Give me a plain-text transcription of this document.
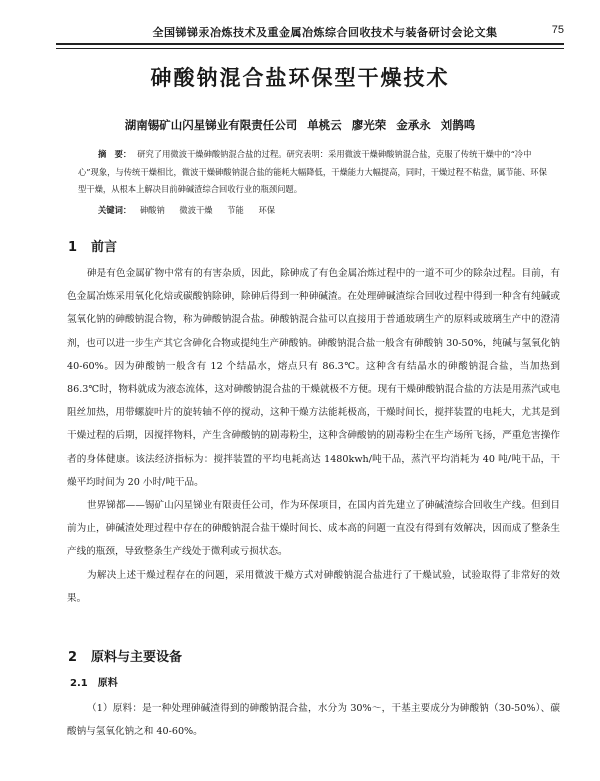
全国锑锑汞冶炼技术及重金属冶炼综合回收技术与装备研讨会论文集	75
砷酸钠混合盐环保型干燥技术
湖南锡矿山闪星锑业有限责任公司 单桃云 廖光荣 金承永 刘鹊鸣

摘　要： 研究了用微波干燥砷酸钠混合盐的过程。研究表明：采用微波干燥砷酸钠混合盐，克服了传统干燥中的“冷中心”现象，与传统干燥相比，微波干燥砷酸钠混合盐的能耗大幅降低，干燥能力大幅提高，同时，干燥过程不粘盘，属节能、环保型干燥，从根本上解决目前砷碱渣综合回收行业的瓶颈问题。

关键词： 砷酸钠 微波干燥 节能 环保
1 前言

砷是有色金属矿物中常有的有害杂质，因此，除砷成了有色金属冶炼过程中的一道不可少的除杂过程。目前，有色金属冶炼采用氧化化焙或碳酸钠除砷，除砷后得到一种砷碱渣。在处理砷碱渣综合回收过程中得到一种含有纯碱或氢氧化钠的砷酸钠混合物，称为砷酸钠混合盐。砷酸钠混合盐可以直接用于普通玻璃生产的原料或玻璃生产中的澄清剂，也可以进一步生产其它含砷化合物或提纯生产砷酸钠。砷酸钠混合盐一般含有砷酸钠 30-50%，纯碱与氢氧化钠 40-60%。因为砷酸钠一般含有 12 个结晶水，熔点只有 86.3℃。这种含有结晶水的砷酸钠混合盐，当加热到 86.3℃时，物料就成为液态流体，这对砷酸钠混合盐的干燥就极不方便。现有干燥砷酸钠混合盐的方法是用蒸汽或电阻丝加热，用带螺旋叶片的旋转轴不停的搅动，这种干燥方法能耗极高，干燥时间长，搅拌装置的电耗大，尤其是到干燥过程的后期，因搅拌物料，产生含砷酸钠的剧毒粉尘，这种含砷酸钠的剧毒粉尘在生产场所飞扬，严重危害操作者的身体健康。该法经济指标为：搅拌装置的平均电耗高达 1480kwh/吨干品，蒸汽平均消耗为 40 吨/吨干品，干燥平均时间为 20 小时/吨干品。

世界锑都——锡矿山闪星锑业有限责任公司，作为环保项目，在国内首先建立了砷碱渣综合回收生产线。但到目前为止，砷碱渣处理过程中存在的砷酸钠混合盐干燥时间长、成本高的问题一直没有得到有效解决，因而成了整条生产线的瓶颈，导致整条生产线处于微利或亏损状态。

为解决上述干燥过程存在的问题，采用微波干燥方式对砷酸钠混合盐进行了干燥试验，试验取得了非常好的效果。

2 原料与主要设备
2.1 原料

（1）原料：是一种处理砷碱渣得到的砷酸钠混合盐，水分为 30%～，干基主要成分为砷酸钠（30-50%）、碳酸钠与氢氧化钠之和 40-60%。
